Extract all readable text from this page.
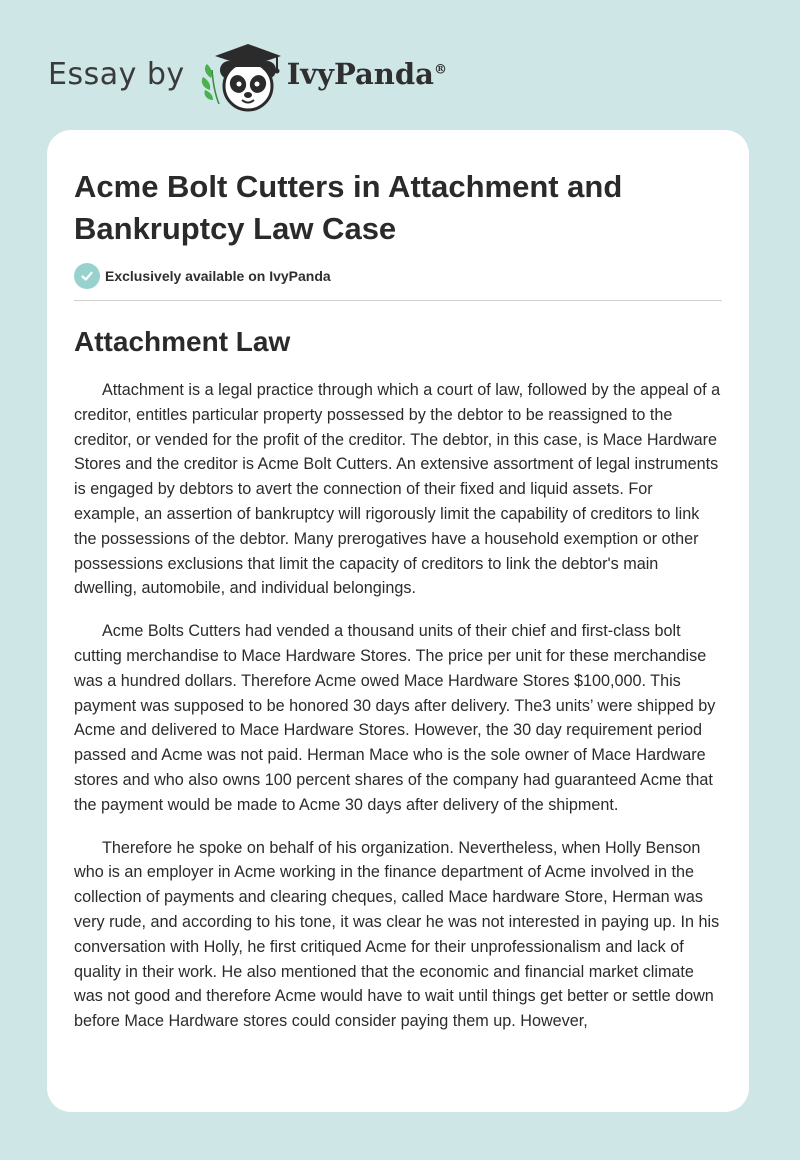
Essay by	IvyPanda®
Acme Bolt Cutters in Attachment and Bankruptcy Law Case
Exclusively available on IvyPanda
Attachment Law

Attachment is a legal practice through which a court of law, followed by the appeal of a creditor, entitles particular property possessed by the debtor to be reassigned to the creditor, or vended for the profit of the creditor. The debtor, in this case, is Mace Hardware Stores and the creditor is Acme Bolt Cutters. An extensive assortment of legal instruments is engaged by debtors to avert the connection of their fixed and liquid assets. For example, an assertion of bankruptcy will rigorously limit the capability of creditors to link the possessions of the debtor. Many prerogatives have a household exemption or other possessions exclusions that limit the capacity of creditors to link the debtor's main dwelling, automobile, and individual belongings.

Acme Bolts Cutters had vended a thousand units of their chief and first-class bolt cutting merchandise to Mace Hardware Stores. The price per unit for these merchandise was a hundred dollars. Therefore Acme owed Mace Hardware Stores $100,000. This payment was supposed to be honored 30 days after delivery. The3 units’ were shipped by Acme and delivered to Mace Hardware Stores. However, the 30 day requirement period passed and Acme was not paid. Herman Mace who is the sole owner of Mace Hardware stores and who also owns 100 percent shares of the company had guaranteed Acme that the payment would be made to Acme 30 days after delivery of the shipment.

Therefore he spoke on behalf of his organization. Nevertheless, when Holly Benson who is an employer in Acme working in the finance department of Acme involved in the collection of payments and clearing cheques, called Mace hardware Store, Herman was very rude, and according to his tone, it was clear he was not interested in paying up. In his conversation with Holly, he first critiqued Acme for their unprofessionalism and lack of quality in their work. He also mentioned that the economic and financial market climate was not good and therefore Acme would have to wait until things get better or settle down before Mace Hardware stores could consider paying them up. However,
